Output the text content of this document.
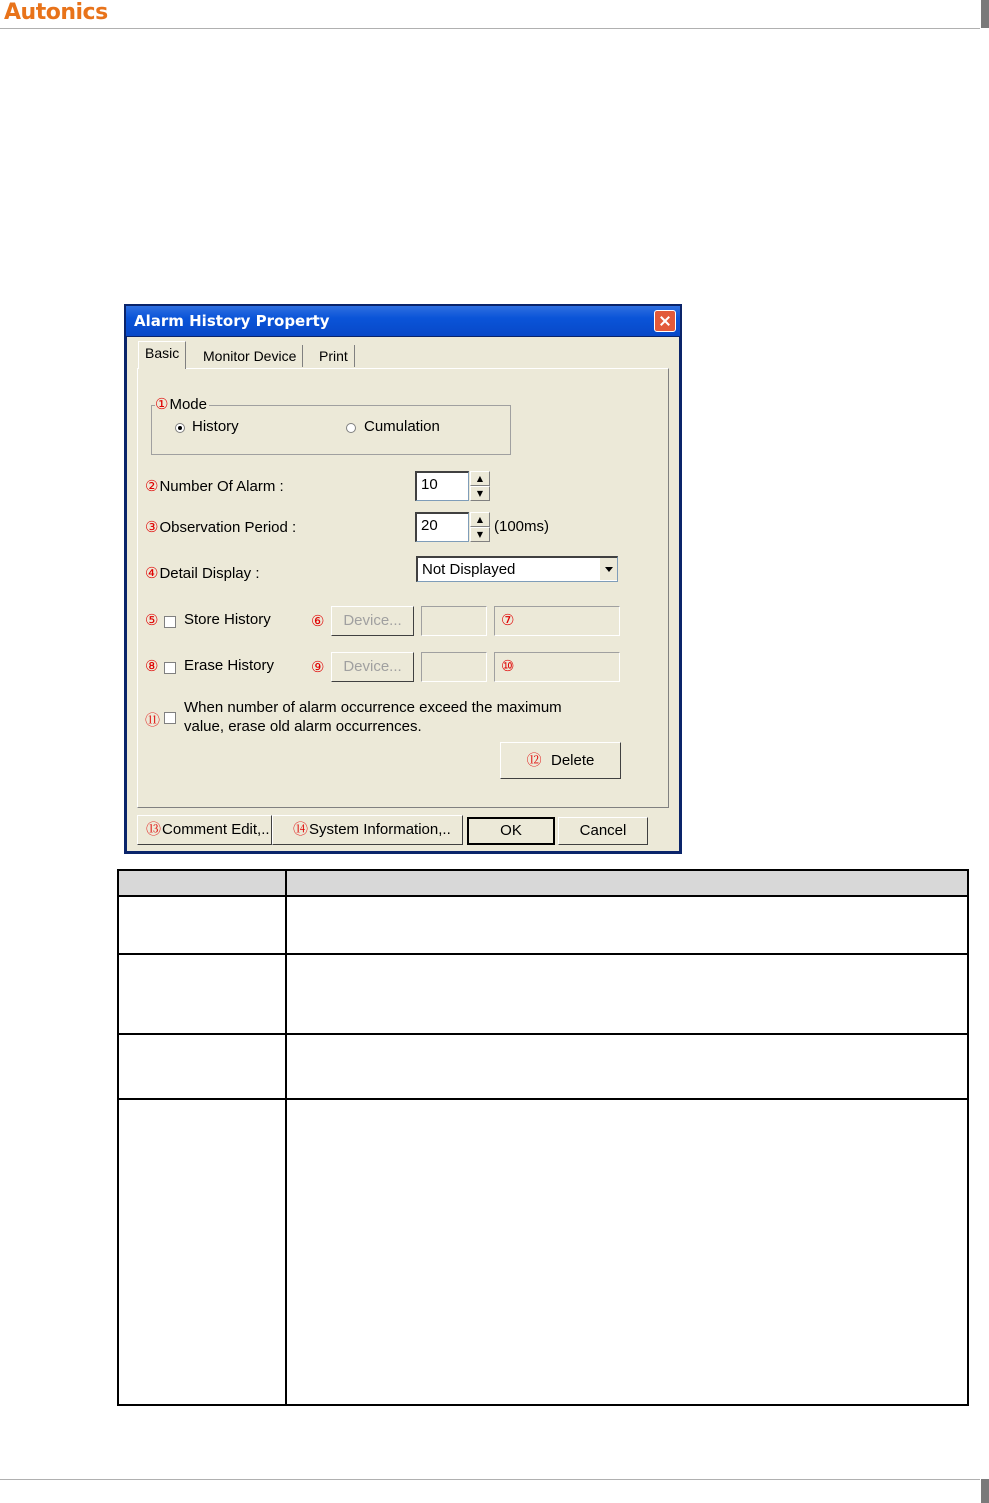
Autonics
Alarm History Property
Basic	Monitor Device	Print
①Mode
History	Cumulation
②Number Of Alarm :	10	▲
▼
③Observation Period :	20	▲
▼ (100ms)
④Detail Display :	Not Displayed
⑤ Store History	⑥	Device...	⑦
⑧ Erase History ⑨	Device...	⑩
⑪
When number of alarm occurrence exceed the maximum
value, erase old alarm occurrences.
⑫ Delete
⑬Comment Edit,..	⑭System Information,..	OK	Cancel
